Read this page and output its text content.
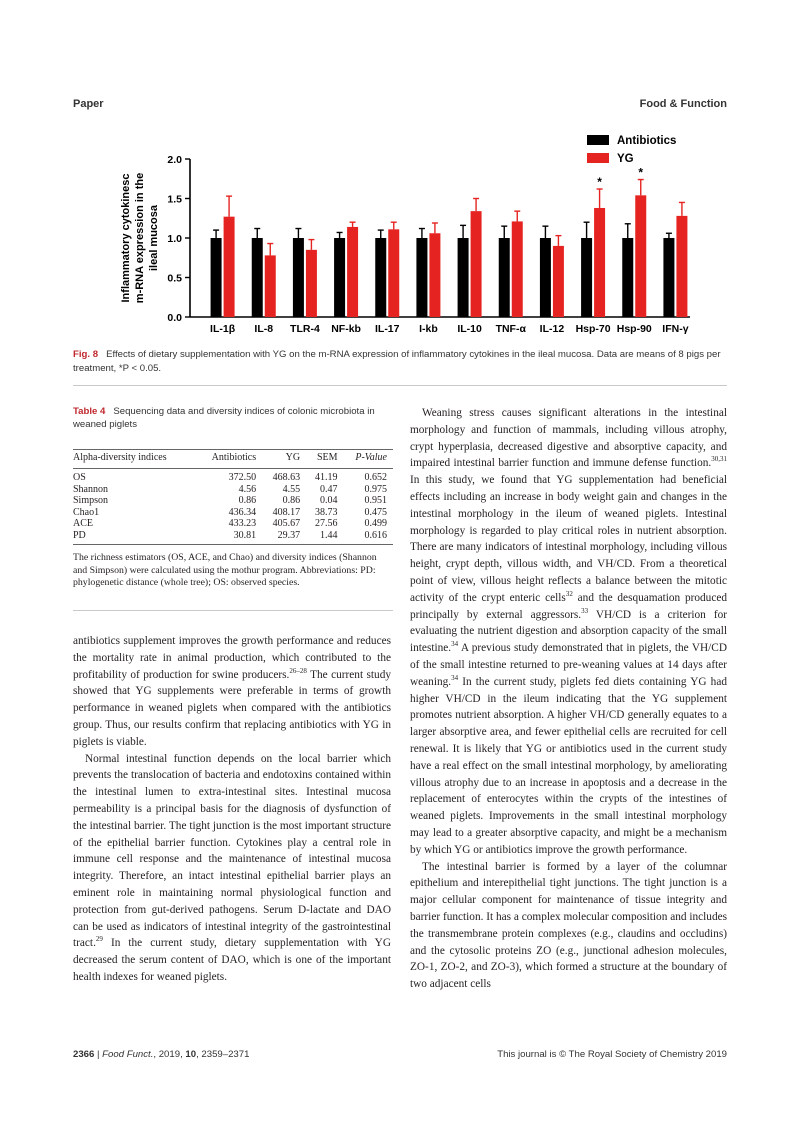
Paper	Food & Function
0.0
0.5
1.0
1.5
2.0
Inflammatory cytokinesc m-RNA expression in the ileal mucosa
IL-1β IL-8 TLR-4 NF-kb IL-17 I-kb IL-10 TNF-α IL-12 Hsp-70
*
Hsp-90
*
IFN-γ
Antibiotics
YG
Fig. 8 Effects of dietary supplementation with YG on the m-RNA expression of inflammatory cytokines in the ileal mucosa. Data are means of 8 pigs per treatment, *P < 0.05.
Table 4 Sequencing data and diversity indices of colonic microbiota in weaned piglets
Alpha-diversity indices	Antibiotics	YG	SEM	P-Value
OS	372.50	468.63	41.19	0.652
Shannon	4.56	4.55	0.47	0.975
Simpson	0.86	0.86	0.04	0.951
Chao1	436.34	408.17	38.73	0.475
ACE	433.23	405.67	27.56	0.499
PD	30.81	29.37	1.44	0.616
The richness estimators (OS, ACE, and Chao) and diversity indices (Shannon and Simpson) were calculated using the mothur program. Abbreviations: PD: phylogenetic distance (whole tree); OS: observed species.

antibiotics supplement improves the growth performance and reduces the mortality rate in animal production, which contributed to the profitability of production for swine producers.$^{26-28}$ The current study showed that YG supplements were preferable in terms of growth performance in weaned piglets when compared with the antibiotics group. Thus, our results confirm that replacing antibiotics with YG in piglets is viable.

Normal intestinal function depends on the local barrier which prevents the translocation of bacteria and endotoxins contained within the intestinal lumen to extra-intestinal sites. Intestinal mucosa permeability is a principal basis for the diagnosis of dysfunction of the intestinal barrier. The tight junction is the most important structure of the epithelial barrier function. Cytokines play a central role in immune cell response and the maintenance of intestinal mucosa integrity. Therefore, an intact intestinal epithelial barrier plays an eminent role in maintaining normal physiological function and protection from gut-derived pathogens. Serum D-lactate and DAO can be used as indicators of intestinal integrity of the gastrointestinal tract.$^{29}$ In the current study, dietary supplementation with YG decreased the serum content of DAO, which is one of the important health indexes for weaned piglets.

Weaning stress causes significant alterations in the intestinal morphology and function of mammals, including villous atrophy, crypt hyperplasia, decreased digestive and absorptive capacity, and impaired intestinal barrier function and immune defense function.$^{30,31}$ In this study, we found that YG supplementation had beneficial effects including an increase in body weight gain and changes in the intestinal morphology in the ileum of weaned piglets. Intestinal morphology is regarded to play critical roles in nutrient absorption. There are many indicators of intestinal morphology, including villous height, crypt depth, villous width, and VH/CD. From a theoretical point of view, villous height reflects a balance between the mitotic activity of the crypt enteric cells$^{32}$ and the desquamation produced principally by external aggressors.$^{33}$ VH/CD is a criterion for evaluating the nutrient digestion and absorption capacity of the small intestine.$^{34}$ A previous study demonstrated that in piglets, the VH/CD of the small intestine returned to pre-weaning values at 14 days after weaning.$^{34}$ In the current study, piglets fed diets containing YG had higher VH/CD in the ileum indicating that the YG supplement promotes nutrient absorption. A higher VH/CD generally equates to a larger absorptive area, and fewer epithelial cells are recruited for cell renewal. It is likely that YG or antibiotics used in the current study have a real effect on the small intestinal morphology, by ameliorating villous atrophy due to an increase in apoptosis and a decrease in the replacement of enterocytes within the crypts of the intestines of weaned piglets. Improvements in the small intestinal morphology may lead to a greater absorptive capacity, and might be a mechanism by which YG or antibiotics improve the growth performance.

The intestinal barrier is formed by a layer of the columnar epithelium and interepithelial tight junctions. The tight junction is a major cellular component for maintenance of tissue integrity and barrier function. It has a complex molecular composition and includes the transmembrane protein complexes (e.g., claudins and occludins) and the cytosolic proteins ZO (e.g., junctional adhesion molecules, ZO-1, ZO-2, and ZO-3), which formed a structure at the boundary of two adjacent cells

2366 | Food Funct., 2019, 10, 2359–2371	This journal is © The Royal Society of Chemistry 2019
